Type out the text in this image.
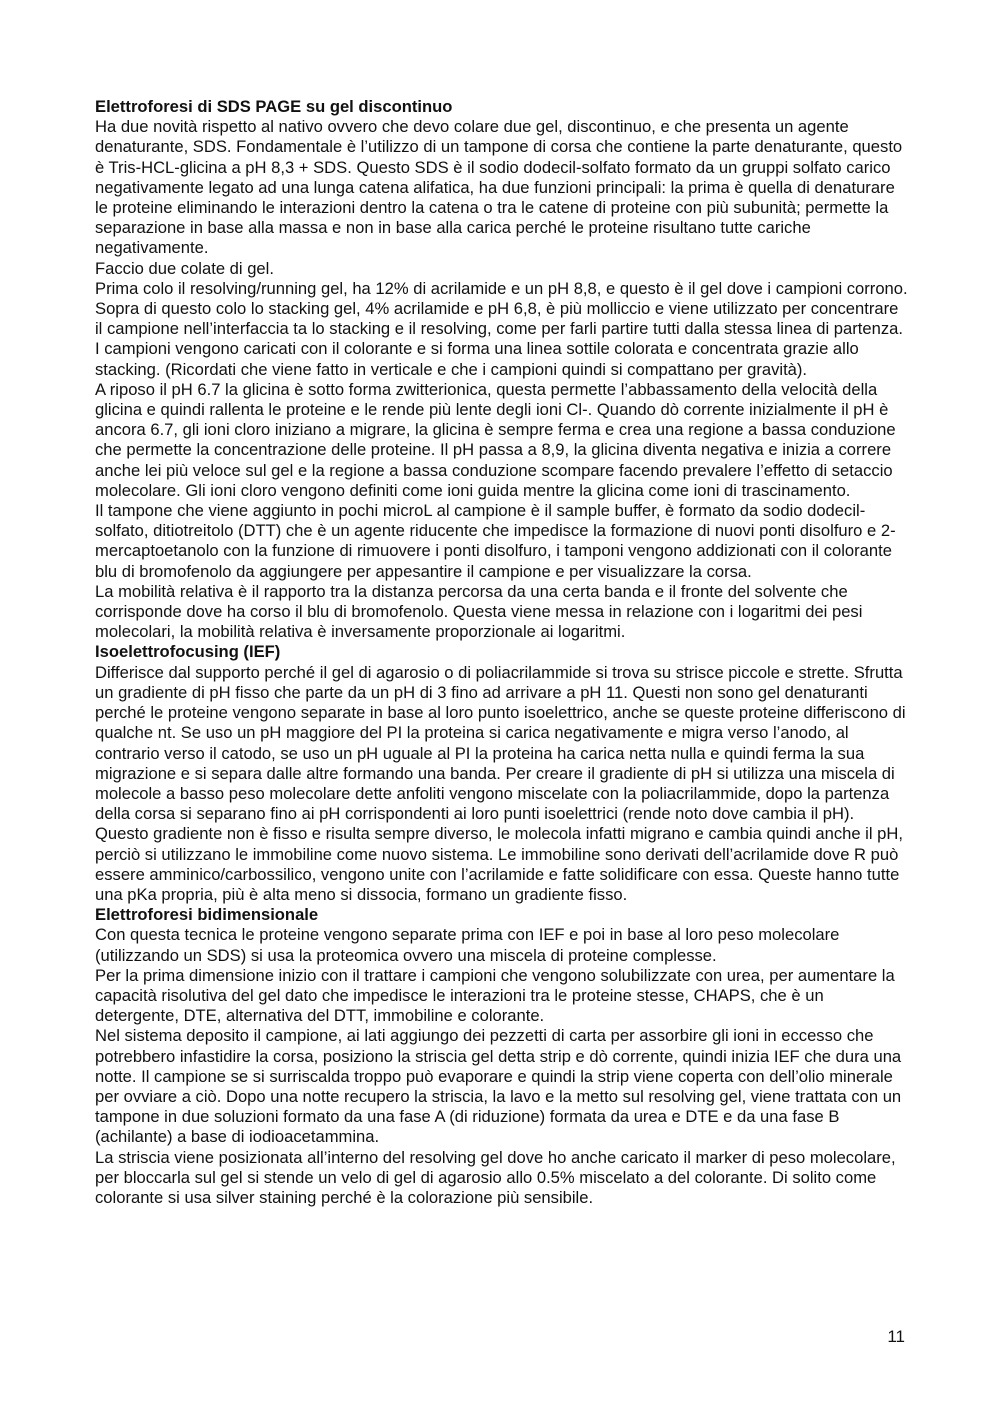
Elettroforesi di SDS PAGE su gel discontinuo
Ha due novità rispetto al nativo ovvero che devo colare due gel, discontinuo, e che presenta un agente denaturante, SDS. Fondamentale è l’utilizzo di un tampone di corsa che contiene la parte denaturante, questo è Tris-HCL-glicina a pH 8,3 + SDS. Questo SDS è il sodio dodecil-solfato formato da un gruppi solfato carico negativamente legato ad una lunga catena alifatica, ha due funzioni principali: la prima è quella di denaturare le proteine eliminando le interazioni dentro la catena o tra le catene di proteine con più subunità; permette la separazione in base alla massa e non in base alla carica perché le proteine risultano tutte cariche negativamente.
Faccio due colate di gel.
Prima colo il resolving/running gel, ha 12% di acrilamide e un pH 8,8, e questo è il gel dove i campioni corrono. Sopra di questo colo lo stacking gel, 4% acrilamide e pH 6,8, è più molliccio e viene utilizzato per concentrare il campione nell’interfaccia ta lo stacking e il resolving, come per farli partire tutti dalla stessa linea di partenza. I campioni vengono caricati con il colorante e si forma una linea sottile colorata e concentrata grazie allo stacking. (Ricordati che viene fatto in verticale e che i campioni quindi si compattano per gravità).
A riposo il pH 6.7 la glicina è sotto forma zwitterionica, questa permette l’abbassamento della velocità della glicina e quindi rallenta le proteine e le rende più lente degli ioni Cl-. Quando dò corrente inizialmente il pH è ancora 6.7, gli ioni cloro iniziano a migrare, la glicina è sempre ferma e crea una regione a bassa conduzione che permette la concentrazione delle proteine. Il pH passa a 8,9, la glicina diventa negativa e inizia a correre anche lei più veloce sul gel e la regione a bassa conduzione scompare facendo prevalere l’effetto di setaccio molecolare. Gli ioni cloro vengono definiti come ioni guida mentre la glicina come ioni di trascinamento.
Il tampone che viene aggiunto in pochi microL al campione è il sample buffer, è formato da sodio dodecil-solfato, ditiotreitolo (DTT) che è un agente riducente che impedisce la formazione di nuovi ponti disolfuro e 2-mercaptoetanolo con la funzione di rimuovere i ponti disolfuro, i tamponi vengono addizionati con il colorante blu di bromofenolo da aggiungere per appesantire il campione e per visualizzare la corsa.
La mobilità relativa è il rapporto tra la distanza percorsa da una certa banda e il fronte del solvente che corrisponde dove ha corso il blu di bromofenolo. Questa viene messa in relazione con i logaritmi dei pesi molecolari, la mobilità relativa è inversamente proporzionale ai logaritmi.
Isoelettrofocusing (IEF)
Differisce dal supporto perché il gel di agarosio o di poliacrilammide si trova su strisce piccole e strette. Sfrutta un gradiente di pH fisso che parte da un pH di 3 fino ad arrivare a pH 11. Questi non sono gel denaturanti perché le proteine vengono separate in base al loro punto isoelettrico, anche se queste proteine differiscono di qualche nt. Se uso un pH maggiore del PI la proteina si carica negativamente e migra verso l’anodo, al contrario verso il catodo, se uso un pH uguale al PI la proteina ha carica netta nulla e quindi ferma la sua migrazione e si separa dalle altre formando una banda. Per creare il gradiente di pH si utilizza una miscela di molecole a basso peso molecolare dette anfoliti vengono miscelate con la poliacrilammide, dopo la partenza della corsa si separano fino ai pH corrispondenti ai loro punti isoelettrici (rende noto dove cambia il pH). Questo gradiente non è fisso e risulta sempre diverso, le molecola infatti migrano e cambia quindi anche il pH, perciò si utilizzano le immobiline come nuovo sistema. Le immobiline sono derivati dell’acrilamide dove R può essere amminico/carbossilico, vengono unite con l’acrilamide e fatte solidificare con essa. Queste hanno tutte una pKa propria, più è alta meno si dissocia, formano un gradiente fisso.
Elettroforesi bidimensionale
Con questa tecnica le proteine vengono separate prima con IEF e poi in base al loro peso molecolare (utilizzando un SDS) si usa la proteomica ovvero una miscela di proteine complesse.
Per la prima dimensione inizio con il trattare i campioni che vengono solubilizzate con urea, per aumentare la capacità risolutiva del gel dato che impedisce le interazioni tra le proteine stesse, CHAPS, che è un detergente, DTE, alternativa del DTT, immobiline e colorante.
Nel sistema deposito il campione, ai lati aggiungo dei pezzetti di carta per assorbire gli ioni in eccesso che potrebbero infastidire la corsa, posiziono la striscia gel detta strip e dò corrente, quindi inizia IEF che dura una notte. Il campione se si surriscalda troppo può evaporare e quindi la strip viene coperta con dell’olio minerale per ovviare a ciò. Dopo una notte recupero la striscia, la lavo e la metto sul resolving gel, viene trattata con un tampone in due soluzioni formato da una fase A (di riduzione) formata da urea e DTE e da una fase B (achilante) a base di iodioacetammina.
La striscia viene posizionata all’interno del resolving gel dove ho anche caricato il marker di peso molecolare, per bloccarla sul gel si stende un velo di gel di agarosio allo 0.5% miscelato a del colorante. Di solito come colorante si usa silver staining perché è la colorazione più sensibile.
11
